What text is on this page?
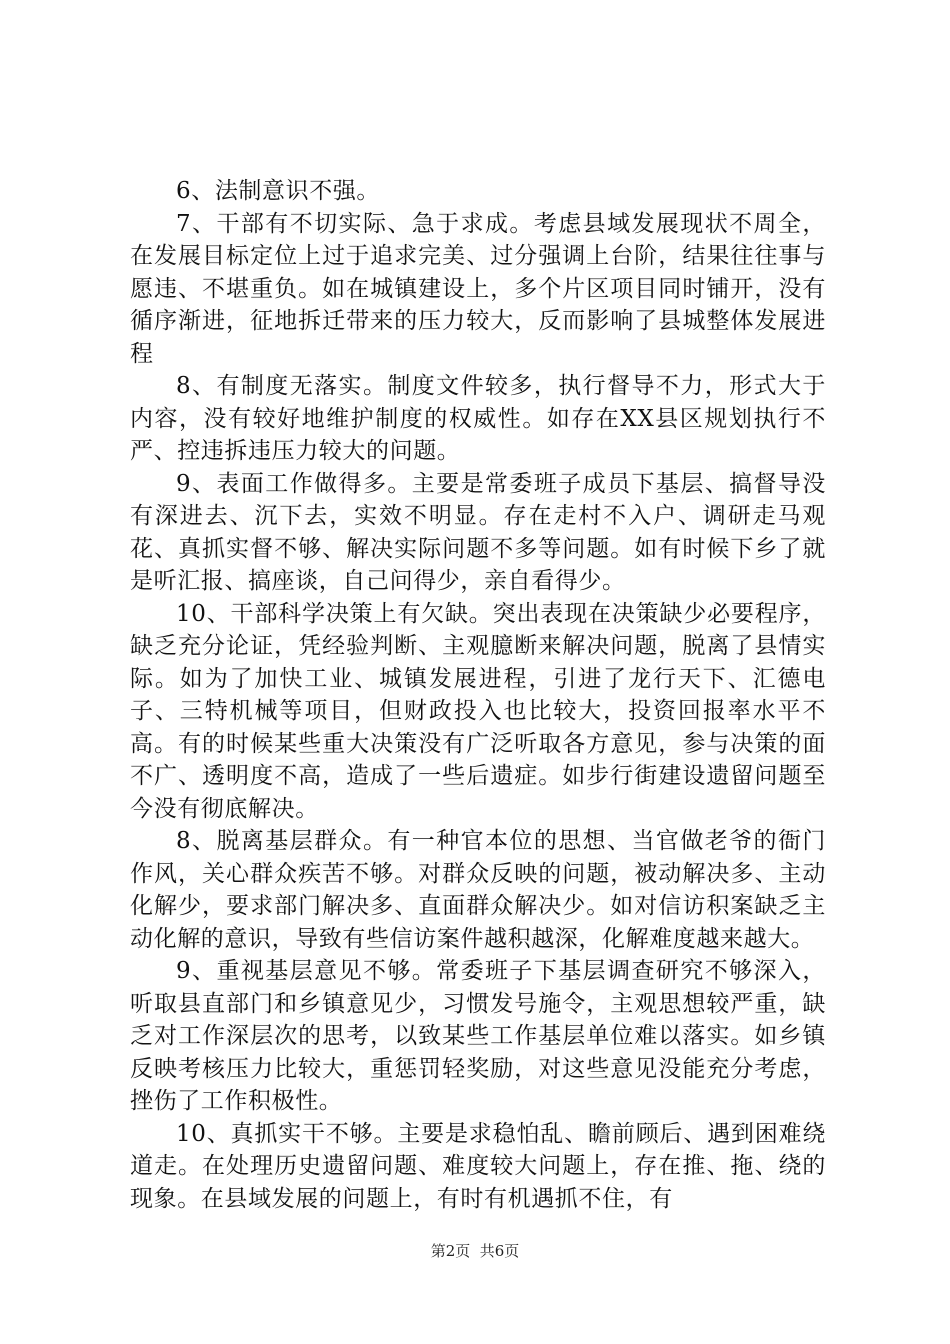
6、法制意识不强。

7、干部有不切实际、急于求成。考虑县域发展现状不周全，在发展目标定位上过于追求完美、过分强调上台阶，结果往往事与愿违、不堪重负。如在城镇建设上，多个片区项目同时铺开，没有循序渐进，征地拆迁带来的压力较大，反而影响了县城整体发展进程

8、有制度无落实。制度文件较多，执行督导不力，形式大于内容，没有较好地维护制度的权威性。如存在XX县区规划执行不严、控违拆违压力较大的问题。

9、表面工作做得多。主要是常委班子成员下基层、搞督导没有深进去、沉下去，实效不明显。存在走村不入户、调研走马观花、真抓实督不够、解决实际问题不多等问题。如有时候下乡了就是听汇报、搞座谈，自己问得少，亲自看得少。

10、干部科学决策上有欠缺。突出表现在决策缺少必要程序，缺乏充分论证，凭经验判断、主观臆断来解决问题，脱离了县情实际。如为了加快工业、城镇发展进程，引进了龙行天下、汇德电子、三特机械等项目，但财政投入也比较大，投资回报率水平不高。有的时候某些重大决策没有广泛听取各方意见，参与决策的面不广、透明度不高，造成了一些后遗症。如步行街建设遗留问题至今没有彻底解决。

8、脱离基层群众。有一种官本位的思想、当官做老爷的衙门作风，关心群众疾苦不够。对群众反映的问题，被动解决多、主动化解少，要求部门解决多、直面群众解决少。如对信访积案缺乏主动化解的意识，导致有些信访案件越积越深，化解难度越来越大。

9、重视基层意见不够。常委班子下基层调查研究不够深入，听取县直部门和乡镇意见少，习惯发号施令，主观思想较严重，缺乏对工作深层次的思考，以致某些工作基层单位难以落实。如乡镇反映考核压力比较大，重惩罚轻奖励，对这些意见没能充分考虑，挫伤了工作积极性。

10、真抓实干不够。主要是求稳怕乱、瞻前顾后、遇到困难绕道走。在处理历史遗留问题、难度较大问题上，存在推、拖、绕的现象。在县域发展的问题上，有时有机遇抓不住，有

第2页  共6页
